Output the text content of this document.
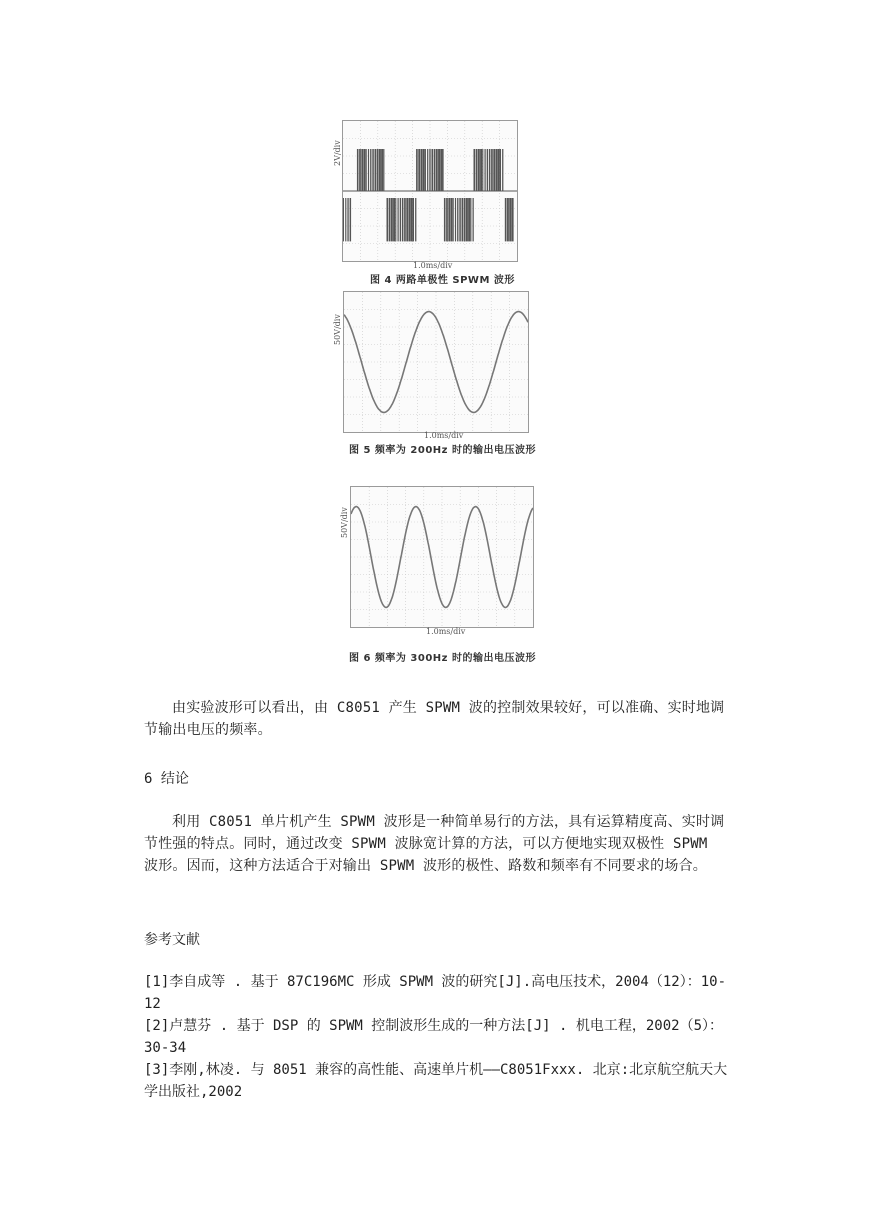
2V/div
1.0ms/div
图 4 两路单极性 SPWM 波形
50V/div
1.0ms/div
图 5 频率为 200Hz 时的输出电压波形
50V/div
1.0ms/div
图 6 频率为 300Hz 时的输出电压波形
由实验波形可以看出，由 C8051 产生 SPWM 波的控制效果较好，可以准确、实时地调节输出电压的频率。
6 结论
利用 C8051 单片机产生 SPWM 波形是一种简单易行的方法，具有运算精度高、实时调节性强的特点。同时，通过改变 SPWM 波脉宽计算的方法，可以方便地实现双极性 SPWM 波形。因而，这种方法适合于对输出 SPWM 波形的极性、路数和频率有不同要求的场合。
参考文献
[1]李自成等 . 基于 87C196MC 形成 SPWM 波的研究[J].高电压技术，2004（12）：10-12
[2]卢慧芬 . 基于 DSP 的 SPWM 控制波形生成的一种方法[J] . 机电工程，2002（5）：30-34
[3]李刚,林凌. 与 8051 兼容的高性能、高速单片机——C8051Fxxx. 北京:北京航空航天大学出版社,2002
